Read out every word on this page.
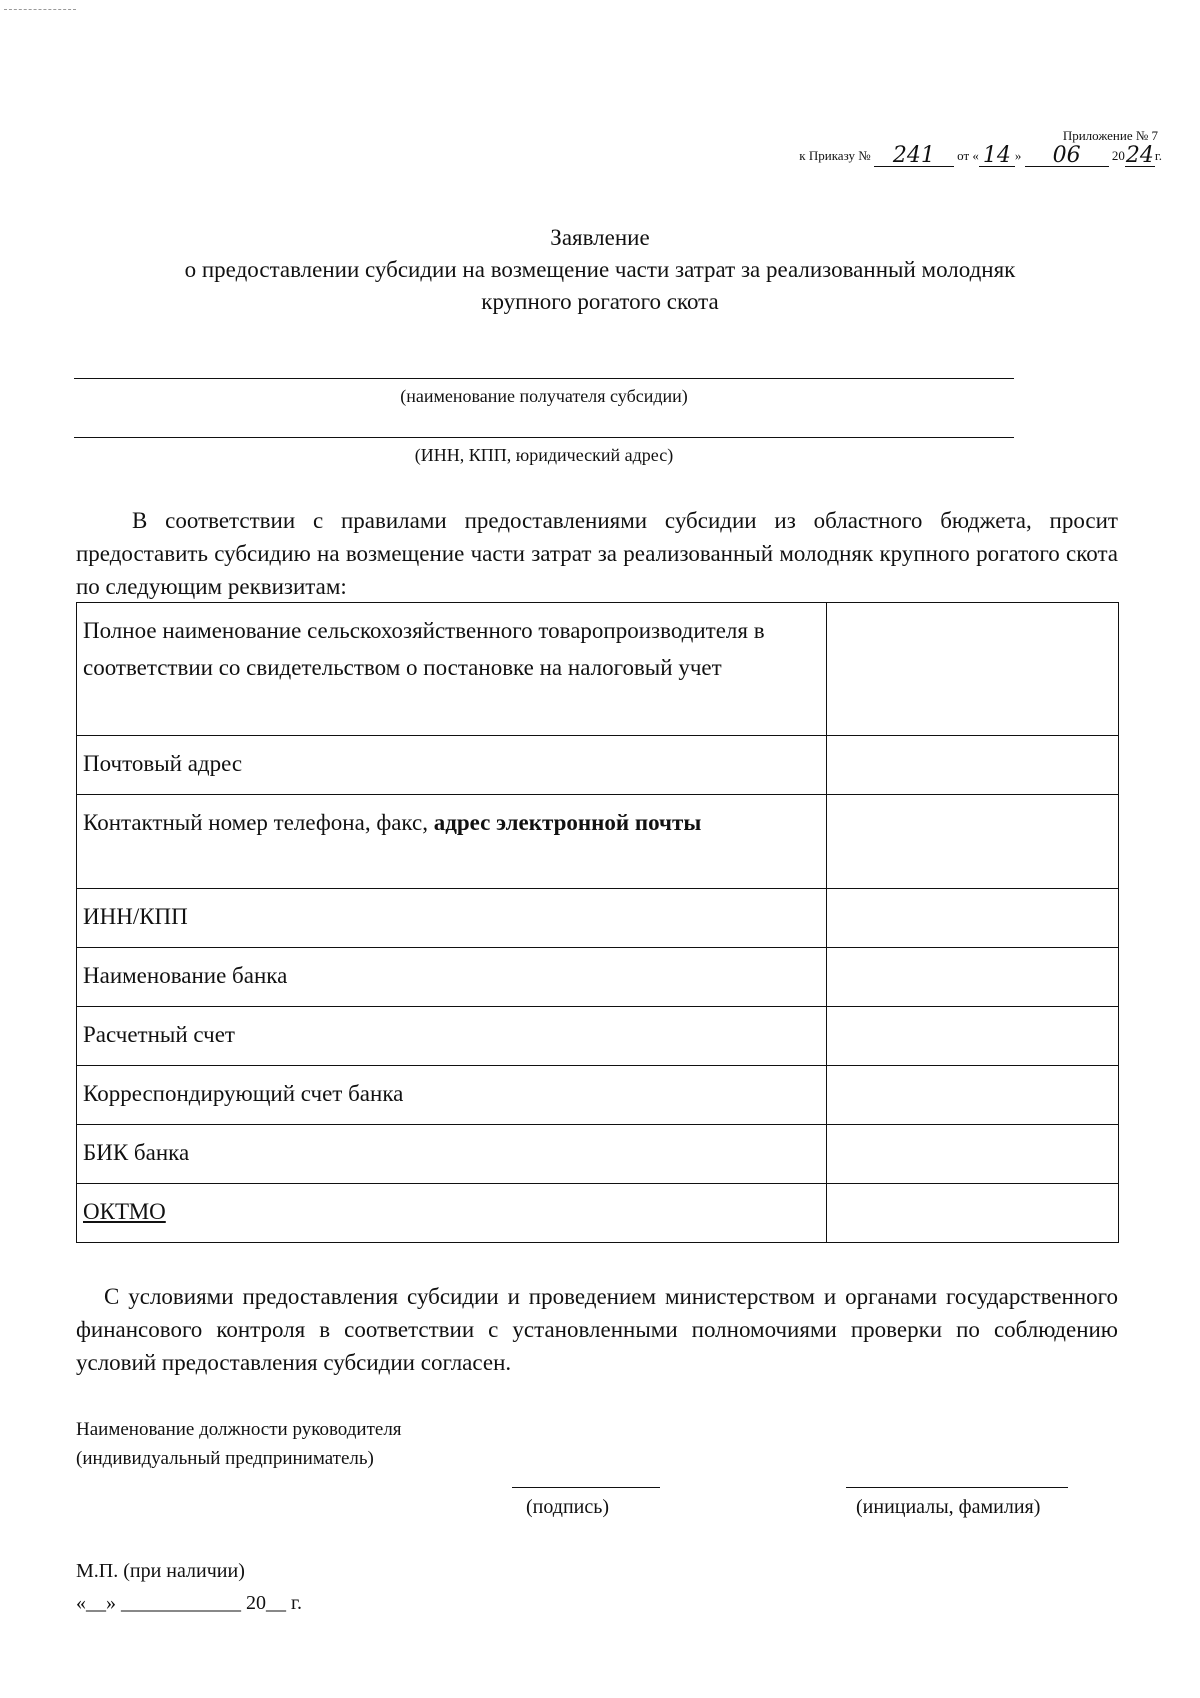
Приложение № 7
к Приказу № 241 от « 14 » 06 2024г.
Заявление
о предоставлении субсидии на возмещение части затрат за реализованный молодняк
крупного рогатого скота
(наименование получателя субсидии)
(ИНН, КПП, юридический адрес)
В соответствии с правилами предоставлениями субсидии из областного бюджета, просит предоставить субсидию на возмещение части затрат за реализованный молодняк крупного рогатого скота по следующим реквизитам:
Полное наименование сельскохозяйственного товаропроизводителя в соответствии со свидетельством о постановке на налоговый учет	
Почтовый адрес	
Контактный номер телефона, факс, адрес электронной почты	
ИНН/КПП	
Наименование банка	
Расчетный счет	
Корреспондирующий счет банка	
БИК банка	
ОКТМО	
С условиями предоставления субсидии и проведением министерством и органами государственного финансового контроля в соответствии с установленными полномочиями проверки по соблюдению условий предоставления субсидии согласен.
Наименование должности руководителя
(индивидуальный предприниматель)
(подпись)	(инициалы, фамилия)
М.П. (при наличии)
«__» ____________ 20__ г.
